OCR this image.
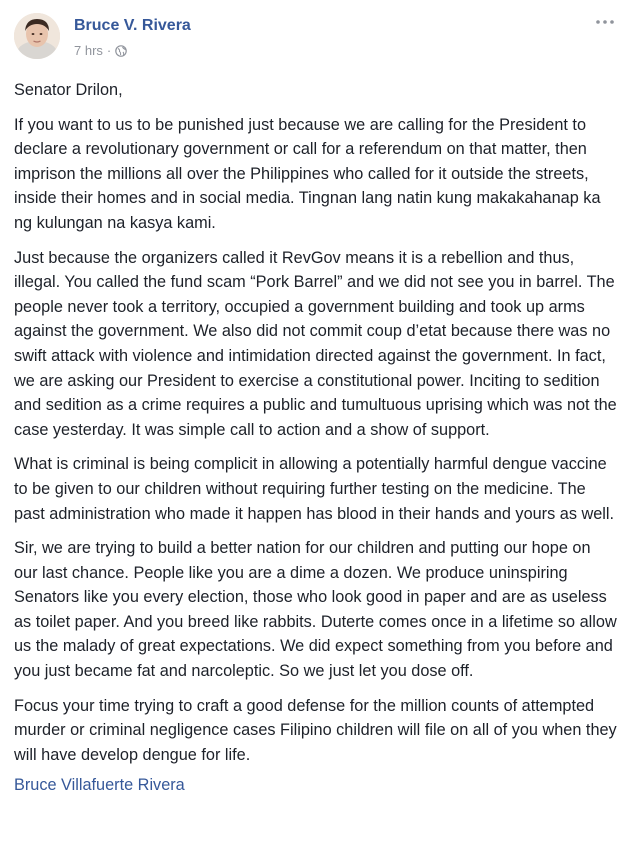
Bruce V. Rivera
7 hrs ·

Senator Drilon,

If you want to us to be punished just because we are calling for the President to declare a revolutionary government or call for a referendum on that matter, then imprison the millions all over the Philippines who called for it outside the streets, inside their homes and in social media. Tingnan lang natin kung makakahanap ka ng kulungan na kasya kami.

Just because the organizers called it RevGov means it is a rebellion and thus, illegal. You called the fund scam “Pork Barrel” and we did not see you in barrel. The people never took a territory, occupied a government building and took up arms against the government. We also did not commit coup d’etat because there was no swift attack with violence and intimidation directed against the government. In fact, we are asking our President to exercise a constitutional power. Inciting to sedition and sedition as a crime requires a public and tumultuous uprising which was not the case yesterday. It was simple call to action and a show of support.

What is criminal is being complicit in allowing a potentially harmful dengue vaccine to be given to our children without requiring further testing on the medicine. The past administration who made it happen has blood in their hands and yours as well.

Sir, we are trying to build a better nation for our children and putting our hope on our last chance. People like you are a dime a dozen. We produce uninspiring Senators like you every election, those who look good in paper and are as useless as toilet paper. And you breed like rabbits. Duterte comes once in a lifetime so allow us the malady of great expectations. We did expect something from you before and you just became fat and narcoleptic. So we just let you dose off.

Focus your time trying to craft a good defense for the million counts of attempted murder or criminal negligence cases Filipino children will file on all of you when they will have develop dengue for life.

Bruce Villafuerte Rivera
